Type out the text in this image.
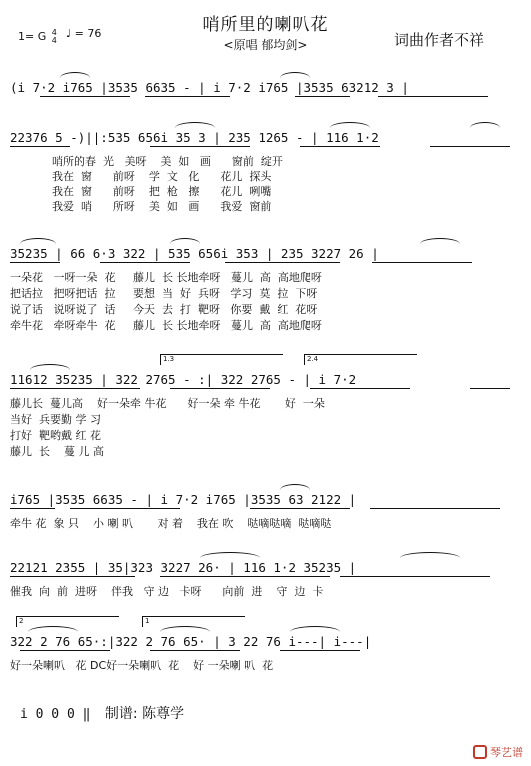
哨所里的喇叭花
<原唱 郁均剑>
1= G 4
4
♩ = 76	词曲作者不祥
(i 7·2 i765 |3535 6635 - | i 7·2 i765 |3535 63212 3 |
22376 5 -)||:535 656i 35 3 | 235 1265 - | 116 1·2
哨所的春  光   美呀    美  如   画      窗前  绽开
我在  窗      前呀    学  文   化      花儿  探头
我在  窗      前呀    把  枪   擦      花儿  咧嘴
我爱  哨      所呀    美  如   画      我爱  窗前
35235 | 66 6·3 322 | 535 656i 353 | 235 3227 26 |
一朵花   一呀一朵  花     藤儿  长 长地牵呀   蔓儿  高  高地爬呀
把话拉   把呀把话  拉     要想  当  好  兵呀   学习  莫  拉  下呀
说了话   说呀说了  话     今天  去  打  靶呀   你要  戴  红  花呀
牵牛花   牵呀牵牛  花     藤儿  长 长地牵呀   蔓儿  高  高地爬呀
1.3	2.4
11612 35235 | 322 2765 - :| 322 2765 - | i 7·2
藤儿长  蔓儿高    好一朵牵 牛花      好一朵 牵 牛花       好  一朵
当好  兵要勤 学 习
打好  靶哟戴 红 花
藤儿  长    蔓 儿 高
i765 |3535 6635 - | i 7·2 i765 |3535 63 2122 |
牵牛 花  象 只    小 喇 叭       对 着    我在 吹    哒嘀哒嘀  哒嘀哒
22121 2355 | 35|323 3227 26· | 116 1·2 35235 |
催我  向  前  进呀    伴我   守 边   卡呀      向前  进    守  边  卡
2	1
322 2 76 65·:|322 2 76 65· | 3 22 76 i---| i---|
好一朵喇叭   花 DC好一朵喇叭  花    好 一朵喇 叭  花
i 0 0 0 ‖ 制谱: 陈尊学
琴艺谱
